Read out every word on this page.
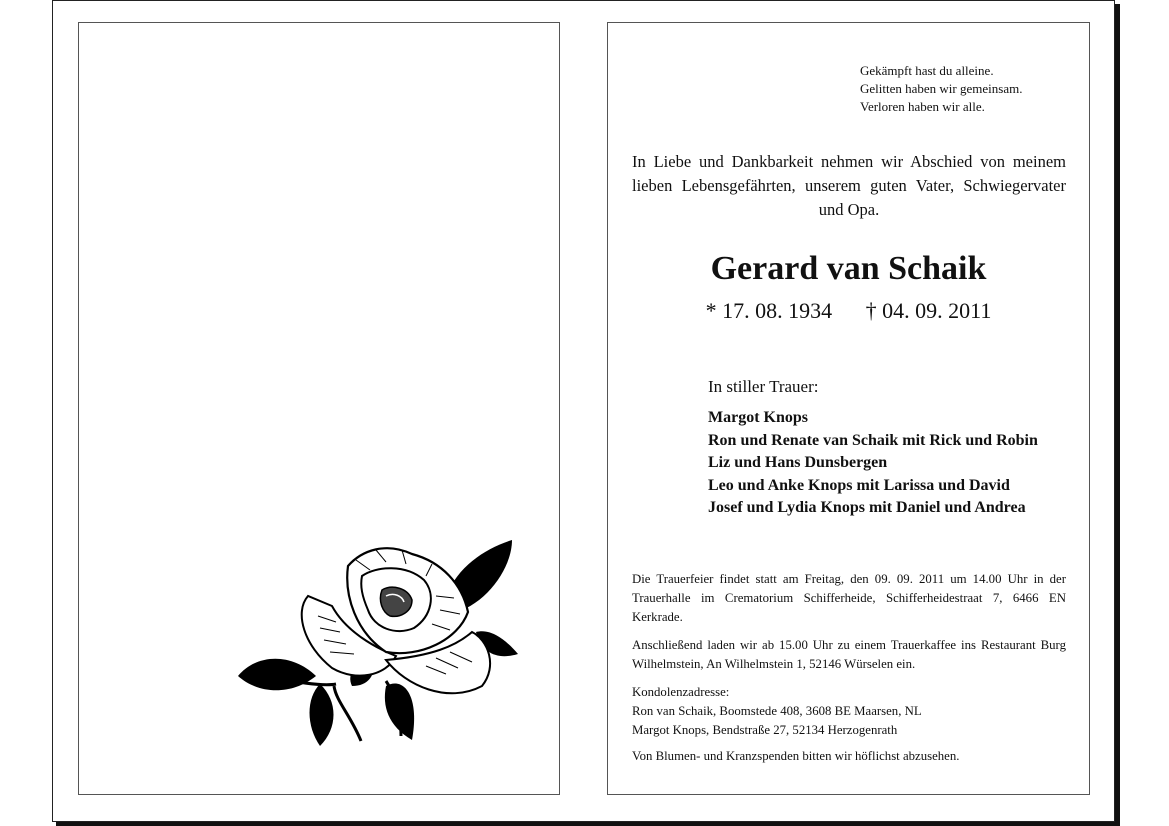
Gekämpft hast du alleine.
Gelitten haben wir gemeinsam.
Verloren haben wir alle.
In Liebe und Dankbarkeit nehmen wir Abschied von meinem lieben Lebensgefährten, unserem guten Vater, Schwiegervater und Opa.
Gerard van Schaik
* 17. 08. 1934 † 04. 09. 2011
In stiller Trauer:
Margot Knops
Ron und Renate van Schaik mit Rick und Robin
Liz und Hans Dunsbergen
Leo und Anke Knops mit Larissa und David
Josef und Lydia Knops mit Daniel und Andrea

Die Trauerfeier findet statt am Freitag, den 09. 09. 2011 um 14.00 Uhr in der Trauerhalle im Crematorium Schifferheide, Schifferheidestraat 7, 6466 EN Kerkrade.

Anschließend laden wir ab 15.00 Uhr zu einem Trauerkaffee ins Restaurant Burg Wilhelmstein, An Wilhelmstein 1, 52146 Würselen ein.

Kondolenzadresse:
Ron van Schaik, Boomstede 408, 3608 BE Maarsen, NL
Margot Knops, Bendstraße 27, 52134 Herzogenrath

Von Blumen- und Kranzspenden bitten wir höflichst abzusehen.
